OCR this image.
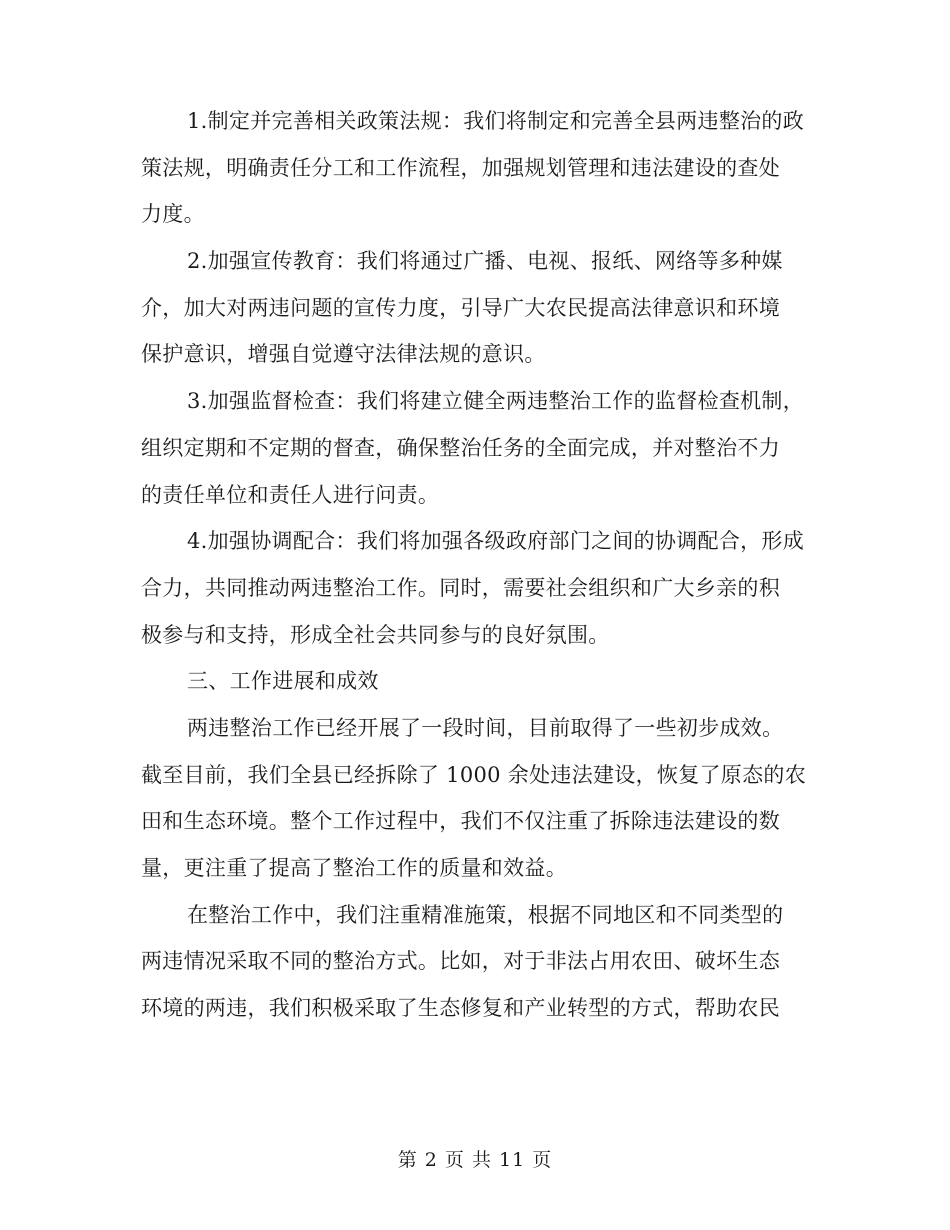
1.制定并完善相关政策法规：我们将制定和完善全县两违整治的政
策法规，明确责任分工和工作流程，加强规划管理和违法建设的查处
力度。
2.加强宣传教育：我们将通过广播、电视、报纸、网络等多种媒
介，加大对两违问题的宣传力度，引导广大农民提高法律意识和环境
保护意识，增强自觉遵守法律法规的意识。
3.加强监督检查：我们将建立健全两违整治工作的监督检查机制，
组织定期和不定期的督查，确保整治任务的全面完成，并对整治不力
的责任单位和责任人进行问责。
4.加强协调配合：我们将加强各级政府部门之间的协调配合，形成
合力，共同推动两违整治工作。同时，需要社会组织和广大乡亲的积
极参与和支持，形成全社会共同参与的良好氛围。
三、工作进展和成效
两违整治工作已经开展了一段时间，目前取得了一些初步成效。
截至目前，我们全县已经拆除了 1000 余处违法建设，恢复了原态的农
田和生态环境。整个工作过程中，我们不仅注重了拆除违法建设的数
量，更注重了提高了整治工作的质量和效益。
在整治工作中，我们注重精准施策，根据不同地区和不同类型的
两违情况采取不同的整治方式。比如，对于非法占用农田、破坏生态
环境的两违，我们积极采取了生态修复和产业转型的方式，帮助农民
第 2 页 共 11 页
